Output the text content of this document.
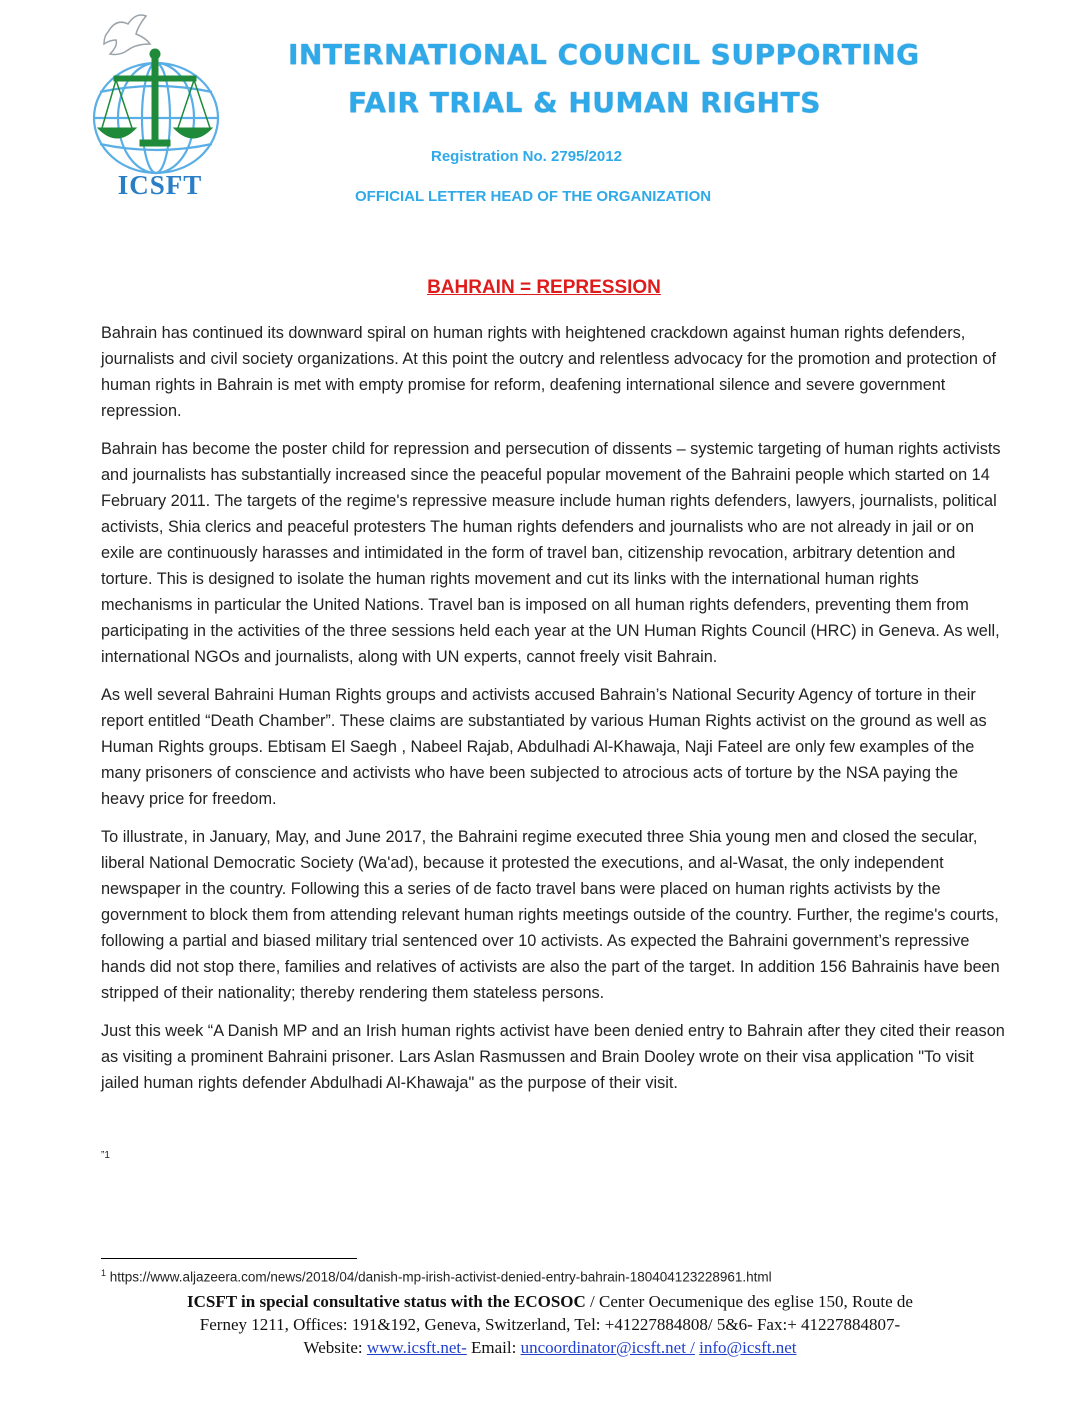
ICSFT
INTERNATIONAL COUNCIL SUPPORTING
FAIR TRIAL & HUMAN RIGHTS
Registration No. 2795/2012
OFFICIAL LETTER HEAD OF THE ORGANIZATION
BAHRAIN = REPRESSION

Bahrain has continued its downward spiral on human rights with heightened crackdown against human rights defenders, journalists and civil society organizations. At this point the outcry and relentless advocacy for the promotion and protection of human rights in Bahrain is met with empty promise for reform, deafening international silence and severe government repression.

Bahrain has become the poster child for repression and persecution of dissents – systemic targeting of human rights activists and journalists has substantially increased since the peaceful popular movement of the Bahraini people which started on 14 February 2011. The targets of the regime's repressive measure include human rights defenders, lawyers, journalists, political activists, Shia clerics and peaceful protesters The human rights defenders and journalists who are not already in jail or on exile are continuously harasses and intimidated in the form of travel ban, citizenship revocation, arbitrary detention and torture. This is designed to isolate the human rights movement and cut its links with the international human rights mechanisms in particular the United Nations. Travel ban is imposed on all human rights defenders, preventing them from participating in the activities of the three sessions held each year at the UN Human Rights Council (HRC) in Geneva. As well, international NGOs and journalists, along with UN experts, cannot freely visit Bahrain.

As well several Bahraini Human Rights groups and activists accused Bahrain’s National Security Agency of torture in their report entitled “Death Chamber”. These claims are substantiated by various Human Rights activist on the ground as well as Human Rights groups. Ebtisam El Saegh , Nabeel Rajab, Abdulhadi Al-Khawaja, Naji Fateel are only few examples of the many prisoners of conscience and activists who have been subjected to atrocious acts of torture by the NSA paying the heavy price for freedom.

To illustrate, in January, May, and June 2017, the Bahraini regime executed three Shia young men and closed the secular, liberal National Democratic Society (Wa'ad), because it protested the executions, and al-Wasat, the only independent newspaper in the country. Following this a series of de facto travel bans were placed on human rights activists by the government to block them from attending relevant human rights meetings outside of the country. Further, the regime's courts, following a partial and biased military trial sentenced over 10 activists. As expected the Bahraini government’s repressive hands did not stop there, families and relatives of activists are also the part of the target. In addition 156 Bahrainis have been stripped of their nationality; thereby rendering them stateless persons.

Just this week “A Danish MP and an Irish human rights activist have been denied entry to Bahrain after they cited their reason as visiting a prominent Bahraini prisoner. Lars Aslan Rasmussen and Brain Dooley wrote on their visa application "To visit jailed human rights defender Abdulhadi Al-Khawaja" as the purpose of their visit.

”1
$^1$ https://www.aljazeera.com/news/2018/04/danish-mp-irish-activist-denied-entry-bahrain-180404123228961.html
ICSFT in special consultative status with the ECOSOC / Center Oecumenique des eglise 150, Route de
Ferney 1211, Offices: 191&192, Geneva, Switzerland, Tel: +41227884808/ 5&6- Fax:+ 41227884807-
Website: www.icsft.net- Email: uncoordinator@icsft.net / info@icsft.net
